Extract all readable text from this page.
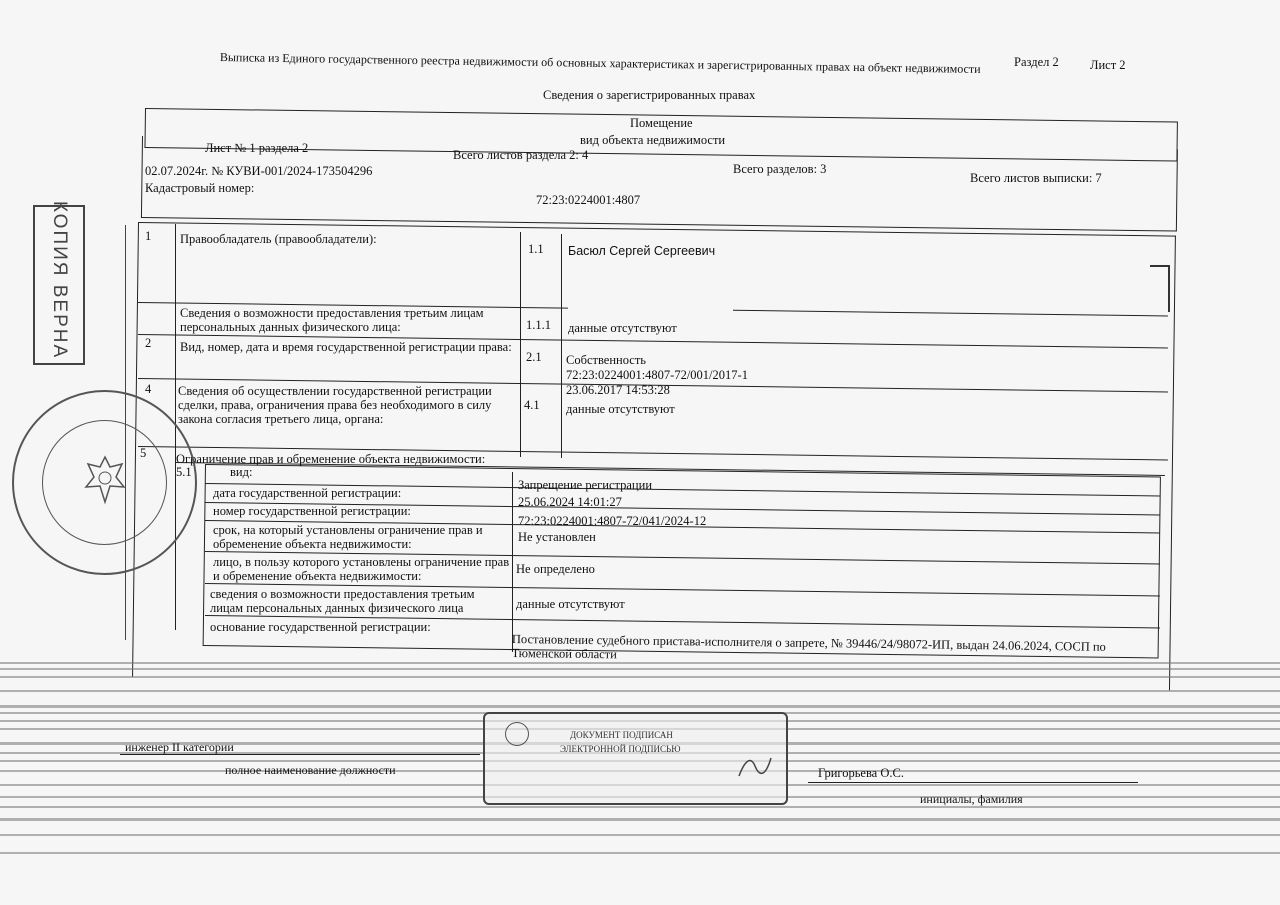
Выписка из Единого государственного реестра недвижимости об основных характеристиках и зарегистрированных правах на объект недвижимости	Раздел 2	Лист 2
Сведения о зарегистрированных правах
Помещение
вид объекта недвижимости
Лист № 1 раздела 2	Всего листов раздела 2: 4
Всего разделов: 3
Всего листов выписки: 7
02.07.2024г. № КУВИ-001/2024-173504296
Кадастровый номер:
72:23:0224001:4807
1 Правообладатель (правообладатели):
1.1 Басюл Сергей Сергеевич
Сведения о возможности предоставления третьим лицам персональных данных физического лица:	1.1.1 данные отсутствуют
2 Вид, номер, дата и время государственной регистрации права:
2.1 Собственность
72:23:0224001:4807-72/001/2017-1
23.06.2017 14:53:28
4 Сведения об осуществлении государственной регистрации сделки, права, ограничения права без необходимого в силу закона согласия третьего лица, органа:
4.1 данные отсутствуют
5 Ограничение прав и обременение объекта недвижимости:
5.1	вид:
Запрещение регистрации
дата государственной регистрации:
25.06.2024 14:01:27
номер государственной регистрации:
72:23:0224001:4807-72/041/2024-12
срок, на который установлены ограничение прав и обременение объекта недвижимости:	Не установлен
лицо, в пользу которого установлены ограничение прав и обременение объекта недвижимости:	Не определено
сведения о возможности предоставления третьим лицам персональных данных физического лица	данные отсутствуют
основание государственной регистрации:
Постановление судебного пристава-исполнителя о запрете, № 39446/24/98072-ИП, выдан 24.06.2024, СОСП по Тюменской области
КОПИЯ ВЕРНА
инженер II категории
полное наименование должности
ДОКУМЕНТ ПОДПИСАН
ЭЛЕКТРОННОЙ ПОДПИСЬЮ
Григорьева О.С.
инициалы, фамилия
